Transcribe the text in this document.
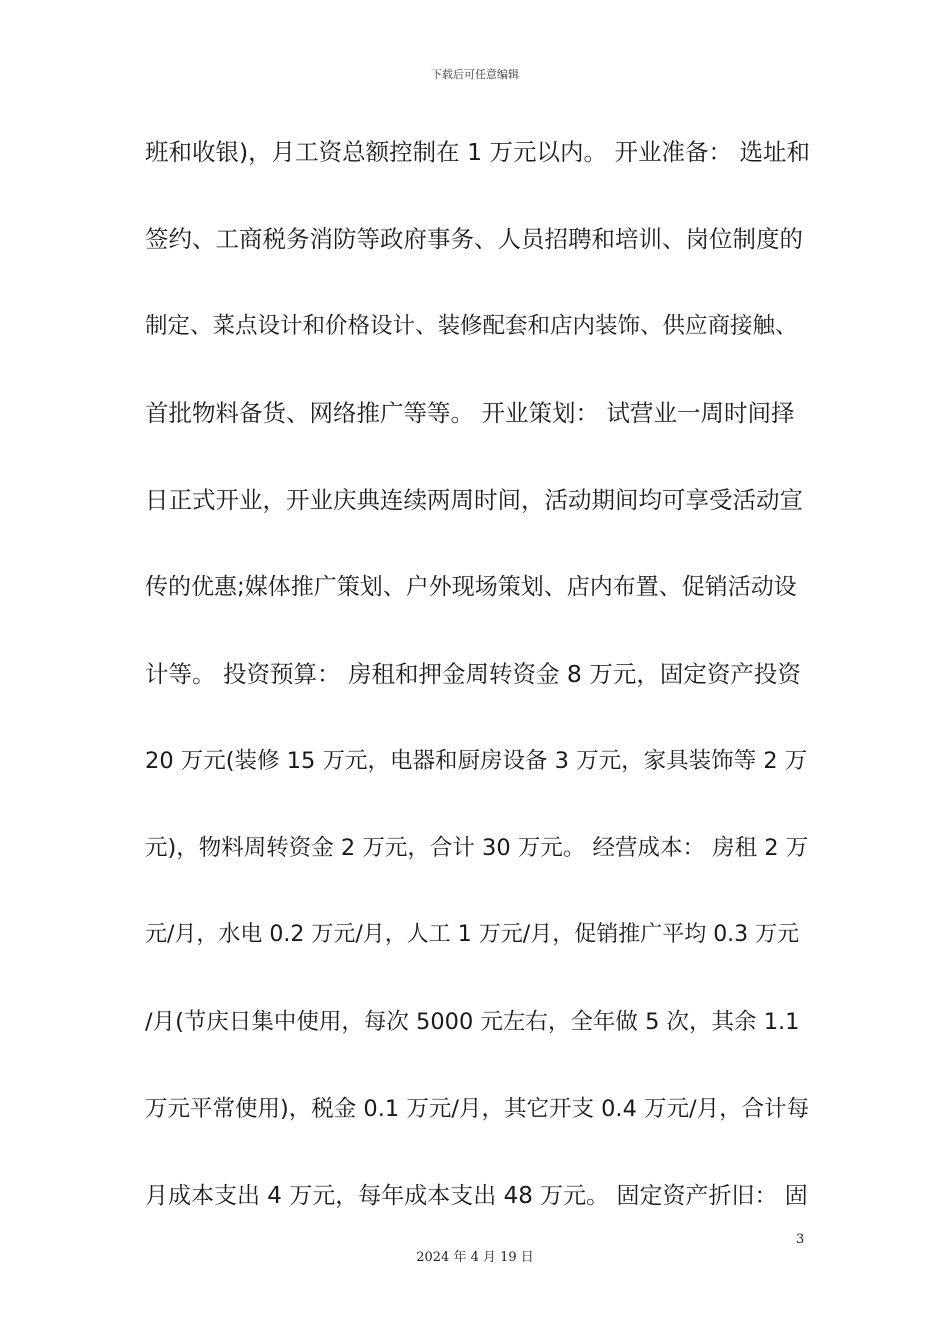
下载后可任意编辑
班和收银)，月工资总额控制在 1 万元以内。 开业准备： 选址和
签约、工商税务消防等政府事务、人员招聘和培训、岗位制度的
制定、菜点设计和价格设计、装修配套和店内装饰、供应商接触、
首批物料备货、网络推广等等。 开业策划： 试营业一周时间择
日正式开业，开业庆典连续两周时间，活动期间均可享受活动宣
传的优惠;媒体推广策划、户外现场策划、店内布置、促销活动设
计等。 投资预算： 房租和押金周转资金 8 万元，固定资产投资
20 万元(装修 15 万元，电器和厨房设备 3 万元，家具装饰等 2 万
元)，物料周转资金 2 万元，合计 30 万元。 经营成本： 房租 2 万
元/月，水电 0.2 万元/月，人工 1 万元/月，促销推广平均 0.3 万元
/月(节庆日集中使用，每次 5000 元左右，全年做 5 次，其余 1.1
万元平常使用)，税金 0.1 万元/月，其它开支 0.4 万元/月，合计每
月成本支出 4 万元，每年成本支出 48 万元。 固定资产折旧： 固
3
2024 年 4 月 19 日
